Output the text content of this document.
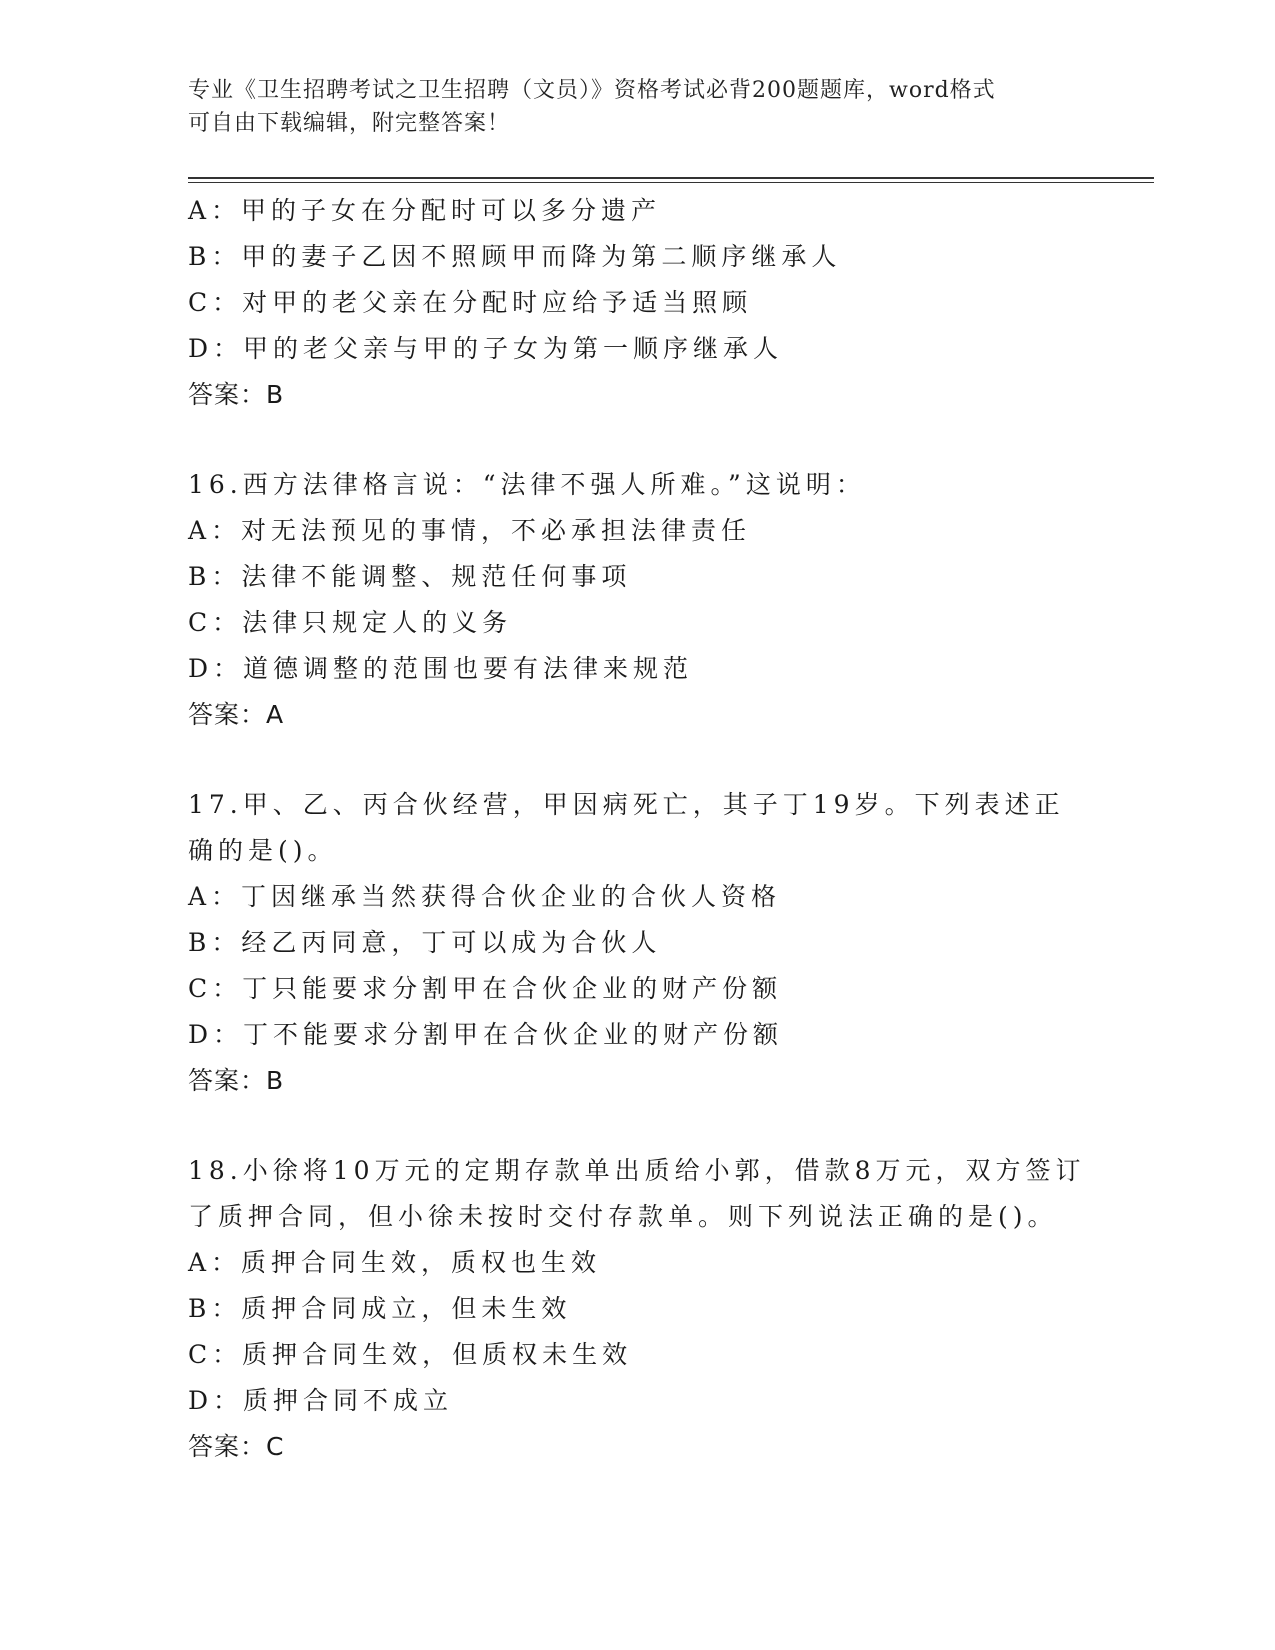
专业《卫生招聘考试之卫生招聘（文员）》资格考试必背200题题库，word格式
可自由下载编辑，附完整答案！
A：甲的子女在分配时可以多分遗产
B：甲的妻子乙因不照顾甲而降为第二顺序继承人
C：对甲的老父亲在分配时应给予适当照顾
D：甲的老父亲与甲的子女为第一顺序继承人
答案：B
16.西方法律格言说：“法律不强人所难。”这说明：
A：对无法预见的事情，不必承担法律责任
B：法律不能调整、规范任何事项
C：法律只规定人的义务
D：道德调整的范围也要有法律来规范
答案：A
17.甲、乙、丙合伙经营，甲因病死亡，其子丁19岁。下列表述正确的是()。
A：丁因继承当然获得合伙企业的合伙人资格
B：经乙丙同意，丁可以成为合伙人
C：丁只能要求分割甲在合伙企业的财产份额
D：丁不能要求分割甲在合伙企业的财产份额
答案：B
18.小徐将10万元的定期存款单出质给小郭，借款8万元，双方签订了质押合同，但小徐未按时交付存款单。则下列说法正确的是()。
A：质押合同生效，质权也生效
B：质押合同成立，但未生效
C：质押合同生效，但质权未生效
D：质押合同不成立
答案：C
